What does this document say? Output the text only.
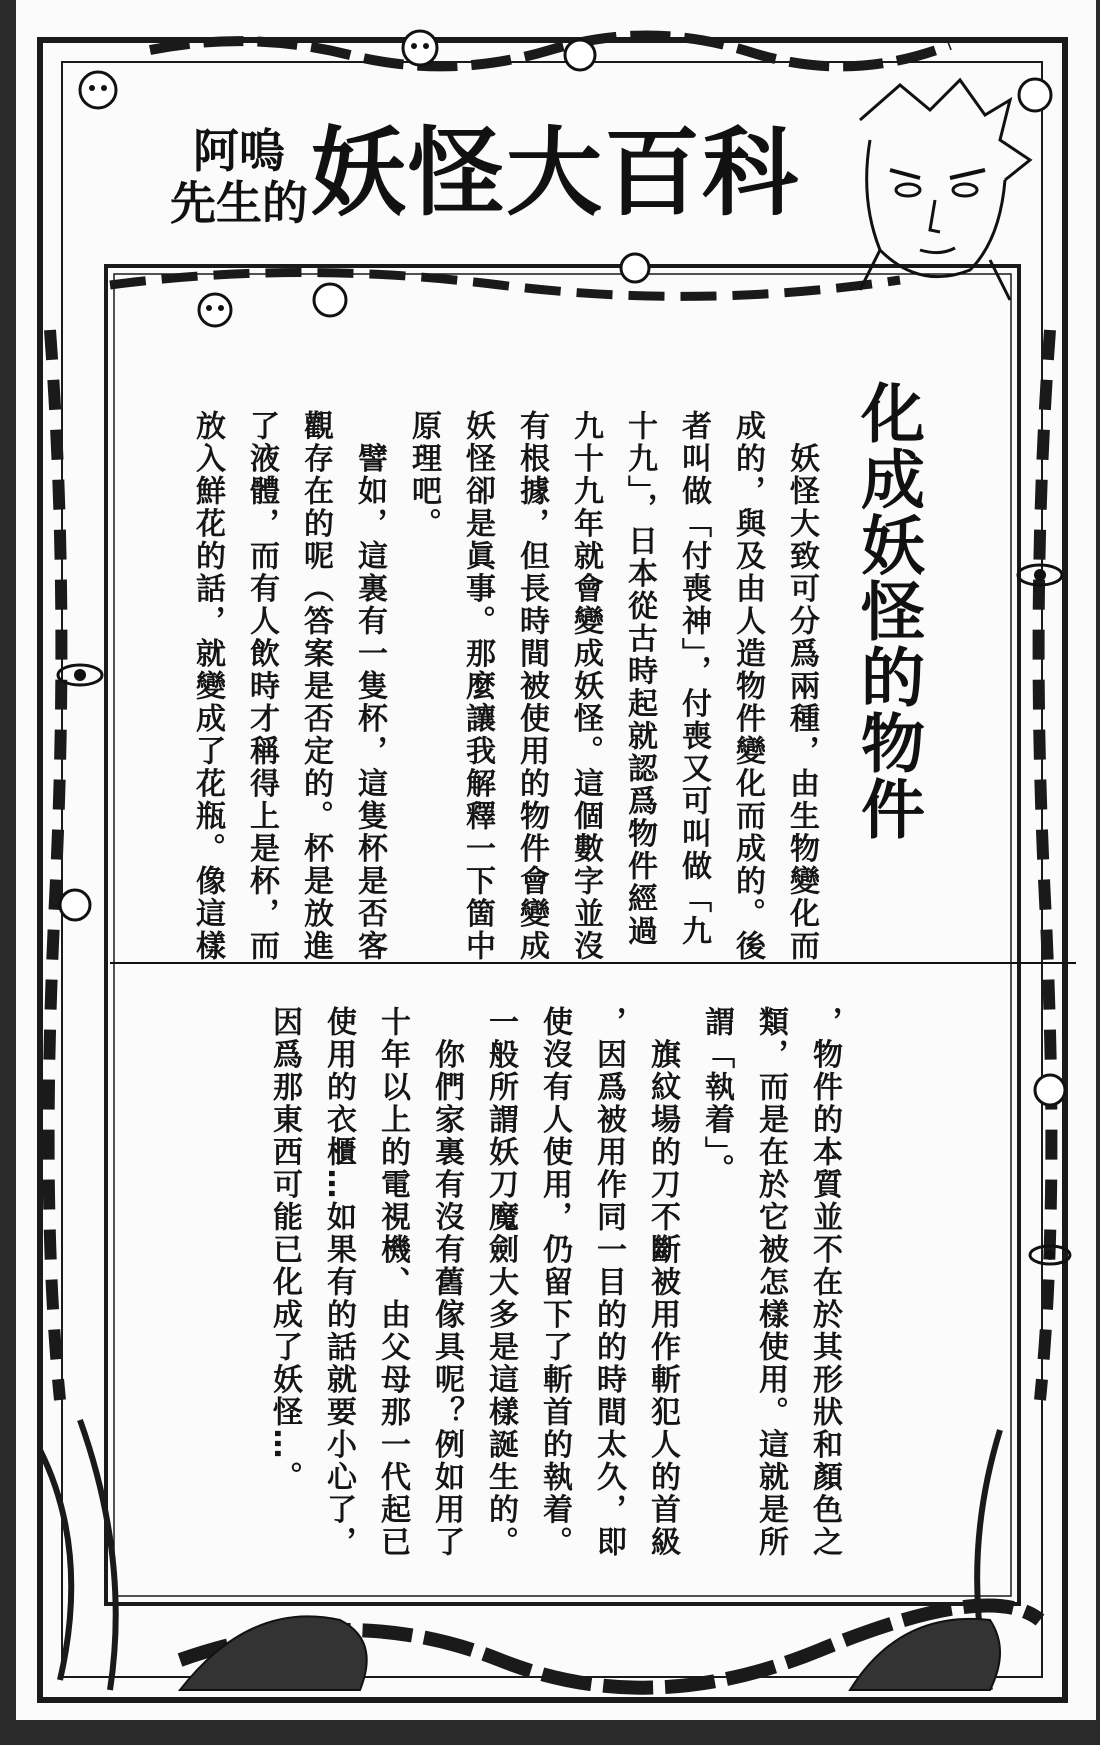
阿嗚
先生的 妖怪大百科
化成妖怪的物件
　妖怪大致可分爲兩種，由生物變化而
成的，與及由人造物件變化而成的。後
者叫做「付喪神」，付喪又可叫做「九
十九」，日本從古時起就認爲物件經過
九十九年就會變成妖怪。這個數字並沒
有根據，但長時間被使用的物件會變成
妖怪卻是眞事。那麼讓我解釋一下箇中
原理吧。
　譬如，這裏有一隻杯，這隻杯是否客
觀存在的呢（答案是否定的。杯是放進
了液體，而有人飲時才稱得上是杯，而
放入鮮花的話，就變成了花瓶。像這樣
，物件的本質並不在於其形狀和顏色之
類，而是在於它被怎樣使用。這就是所
謂「執着」。
　旗紋場的刀不斷被用作斬犯人的首級
，因爲被用作同一目的的時間太久，即
使沒有人使用，仍留下了斬首的執着。
一般所謂妖刀魔劍大多是這樣誕生的。
　你們家裏有沒有舊傢具呢？例如用了
十年以上的電視機、由父母那一代起已
使用的衣櫃…如果有的話就要小心了，
因爲那東西可能已化成了妖怪…。
